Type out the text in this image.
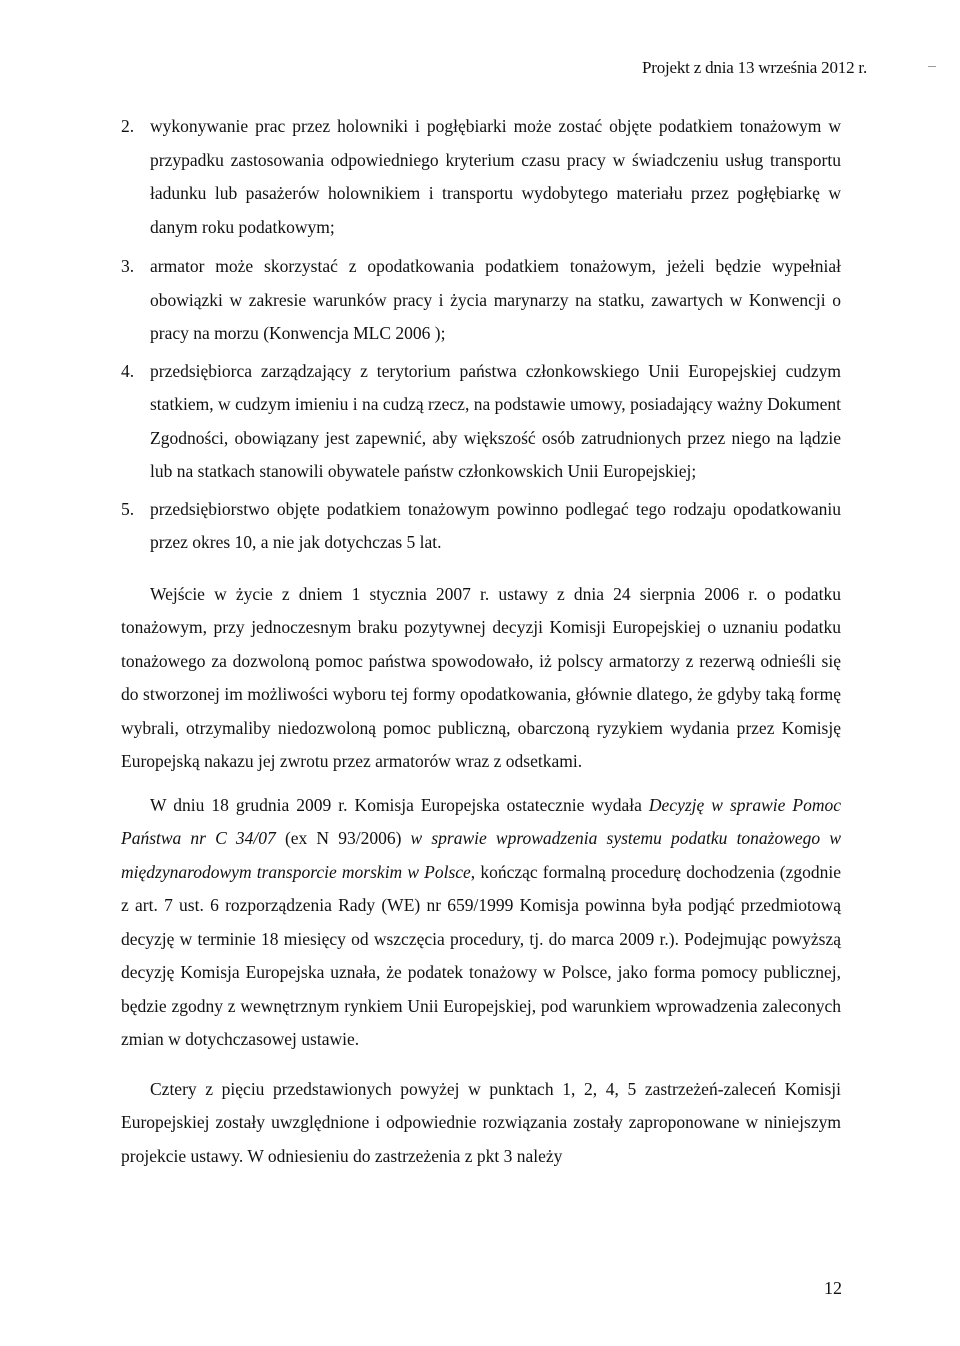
Projekt z dnia 13 września 2012 r.
2. wykonywanie prac przez holowniki i pogłębiarki może zostać objęte podatkiem tonażowym w przypadku zastosowania odpowiedniego kryterium czasu pracy w świadczeniu usług transportu ładunku lub pasażerów holownikiem i transportu wydobytego materiału przez pogłębiarkę w danym roku podatkowym;
3. armator może skorzystać z opodatkowania podatkiem tonażowym, jeżeli będzie wypełniał obowiązki w zakresie warunków pracy i życia marynarzy na statku, zawartych w Konwencji o pracy na morzu (Konwencja MLC 2006 );
4. przedsiębiorca zarządzający z terytorium państwa członkowskiego Unii Europejskiej cudzym statkiem, w cudzym imieniu i na cudzą rzecz, na podstawie umowy, posiadający ważny Dokument Zgodności, obowiązany jest zapewnić, aby większość osób zatrudnionych przez niego na lądzie lub na statkach stanowili obywatele państw członkowskich Unii Europejskiej;
5. przedsiębiorstwo objęte podatkiem tonażowym powinno podlegać tego rodzaju opodatkowaniu przez okres 10, a nie jak dotychczas 5 lat.

Wejście w życie z dniem 1 stycznia 2007 r. ustawy z dnia 24 sierpnia 2006 r. o podatku tonażowym, przy jednoczesnym braku pozytywnej decyzji Komisji Europejskiej o uznaniu podatku tonażowego za dozwoloną pomoc państwa spowodowało, iż polscy armatorzy z rezerwą odnieśli się do stworzonej im możliwości wyboru tej formy opodatkowania, głównie dlatego, że gdyby taką formę wybrali, otrzymaliby niedozwoloną pomoc publiczną, obarczoną ryzykiem wydania przez Komisję Europejską nakazu jej zwrotu przez armatorów wraz z odsetkami.

W dniu 18 grudnia 2009 r. Komisja Europejska ostatecznie wydała Decyzję w sprawie Pomoc Państwa nr C 34/07 (ex N 93/2006) w sprawie wprowadzenia systemu podatku tonażowego w międzynarodowym transporcie morskim w Polsce, kończąc formalną procedurę dochodzenia (zgodnie z art. 7 ust. 6 rozporządzenia Rady (WE) nr 659/1999 Komisja powinna była podjąć przedmiotową decyzję w terminie 18 miesięcy od wszczęcia procedury, tj. do marca 2009 r.). Podejmując powyższą decyzję Komisja Europejska uznała, że podatek tonażowy w Polsce, jako forma pomocy publicznej, będzie zgodny z wewnętrznym rynkiem Unii Europejskiej, pod warunkiem wprowadzenia zaleconych zmian w dotychczasowej ustawie.

Cztery z pięciu przedstawionych powyżej w punktach 1, 2, 4, 5 zastrzeżeń-zaleceń Komisji Europejskiej zostały uwzględnione i odpowiednie rozwiązania zostały zaproponowane w niniejszym projekcie ustawy. W odniesieniu do zastrzeżenia z pkt 3 należy

12
